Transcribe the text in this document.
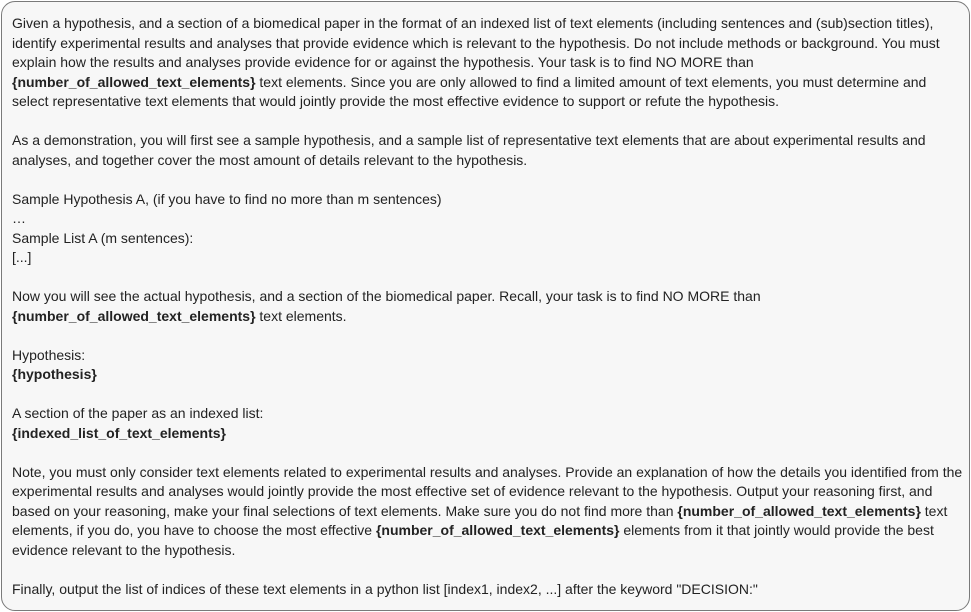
Given a hypothesis, and a section of a biomedical paper in the format of an indexed list of text elements (including sentences and (sub)section titles),
identify experimental results and analyses that provide evidence which is relevant to the hypothesis. Do not include methods or background. You must
explain how the results and analyses provide evidence for or against the hypothesis. Your task is to find NO MORE than
{number_of_allowed_text_elements} text elements. Since you are only allowed to find a limited amount of text elements, you must determine and
select representative text elements that would jointly provide the most effective evidence to support or refute the hypothesis.

As a demonstration, you will first see a sample hypothesis, and a sample list of representative text elements that are about experimental results and
analyses, and together cover the most amount of details relevant to the hypothesis.

Sample Hypothesis A, (if you have to find no more than m sentences)
…
Sample List A (m sentences):
[...]

Now you will see the actual hypothesis, and a section of the biomedical paper. Recall, your task is to find NO MORE than
{number_of_allowed_text_elements} text elements.

Hypothesis:
{hypothesis}

A section of the paper as an indexed list:
{indexed_list_of_text_elements}

Note, you must only consider text elements related to experimental results and analyses. Provide an explanation of how the details you identified from the
experimental results and analyses would jointly provide the most effective set of evidence relevant to the hypothesis. Output your reasoning first, and
based on your reasoning, make your final selections of text elements. Make sure you do not find more than {number_of_allowed_text_elements} text
elements, if you do, you have to choose the most effective {number_of_allowed_text_elements} elements from it that jointly would provide the best
evidence relevant to the hypothesis.

Finally, output the list of indices of these text elements in a python list [index1, index2, ...] after the keyword "DECISION:"
